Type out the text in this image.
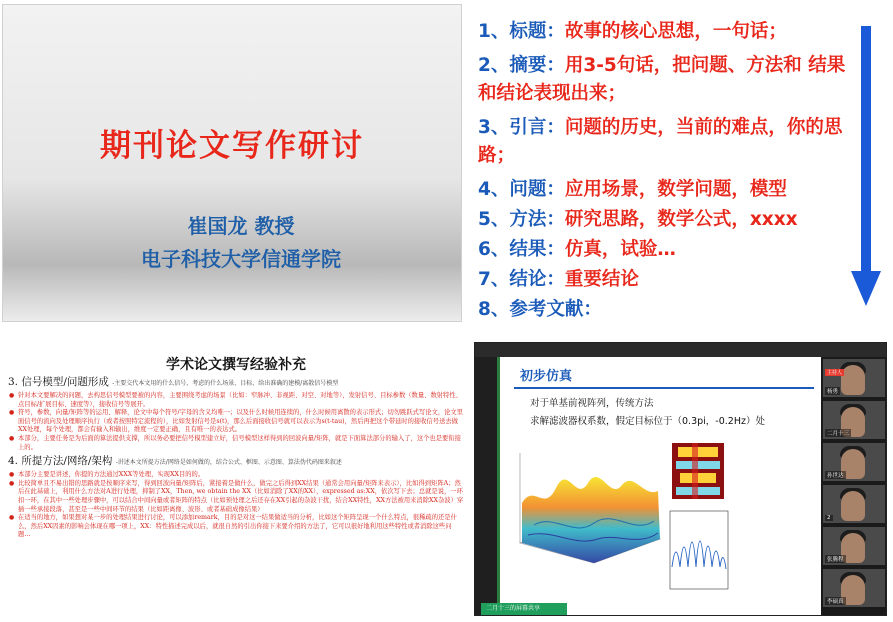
期刊论文写作研讨
崔国龙 教授
电子科技大学信通学院
1、标题：故事的核心思想，一句话；
2、摘要：用3-5句话，把问题、方法和 结果和结论表现出来；
3、引言：问题的历史，当前的难点，你的思路；
4、问题：应用场景，数学问题，模型
5、方法：研究思路，数学公式，xxxx
6、结果：仿真，试验…
7、结论：重要结论
8、参考文献：
学术论文撰写经验补充
3. 信号模型/问题形成 -主要交代本文用的什么信号，考虑的什么场景、目标，给出准确的建模/离散信号模型
● 针对本文要解决的问题，去构思信号模型要被的内容，主要围绕考虑的场景（比如：窄脉冲、非视距、对空、对地等），发射信号、目标参数（数量、数射特性、点目标/扩展目标、速度等），接收信号等展开。
● 符号，参数，向量/矩阵等的运用、解释，论文中每个符号/字母的含义均唯一；以及什么时候用连续的，什么时候用离散的表示形式；切勿跳跃式写论文，论文里面信号的流向及处理顺序执行（或者按照特定流程的），比如发射信号是s(t)，那么后面接收信号就可以表示为s(t-tau)，然后再把这个带延时的接收信号送去做XX处理，每个处理，都会有输入和输出，维度一定要正确，且有唯一的表达式。
● 本部分，主要任务是为后面的算法提供支撑，所以务必要把信号模型建立好，信号模型这样得到的回波向量/矩阵，就是下面算法部分的输入了，这个也是要衔接上的。
4. 所提方法/网络/架构 -讲述本文所提方法/网络是如何做的，结合公式、框图、示意图、算法伪代码图来叙述
● 本部分主要是讲述，你提的方法通过XXX等处理，实现XX目的的。
● 比较简单且不易出错的思路就是按顺序来写，得到回波向量/矩阵后，紧接着是做什么，做完之后得到XX结果（通常会用向量/矩阵来表示），比如得到矩阵A；然后在此基础上，利用什么方法对A进行处理，抑制了XX，Then, we obtain the XX（比如消除了XX的XX），expressed as:XX，依次写下去；总就是说，一环扣一环，在其中一些处理步骤中，可以结合中间向量或者矩阵的特点（比如预处理之后还存在XX引起的杂波干扰，结合XX特性，XX方法被用来消除XX杂波）穿插一些承接段落，甚至是一些中间环节的结果（比如距离像、波形、或者基础成像结果）
● 在适当的地方，如果想对某一步的处理结果进行讨论，可以添加remark，目的是对这一结果做适当的分析，比如这个矩阵呈现一个什么特点，很稀疏的还是什么，然后XX因素的影响会体现在哪一项上，XX：特性描述完成以后，就很自然的引出你接下来要介绍的方法了，它可以很好地利用这些特性或者消除这些问题…
初步仿真
对于单基前视阵列，传统方法
求解滤波器权系数，假定目标位于（0.3pi，-0.2Hz）处
主持人
杨勇
二月十三
孙世达
2
张腾程
李硕真
二月十三的屏幕共享
